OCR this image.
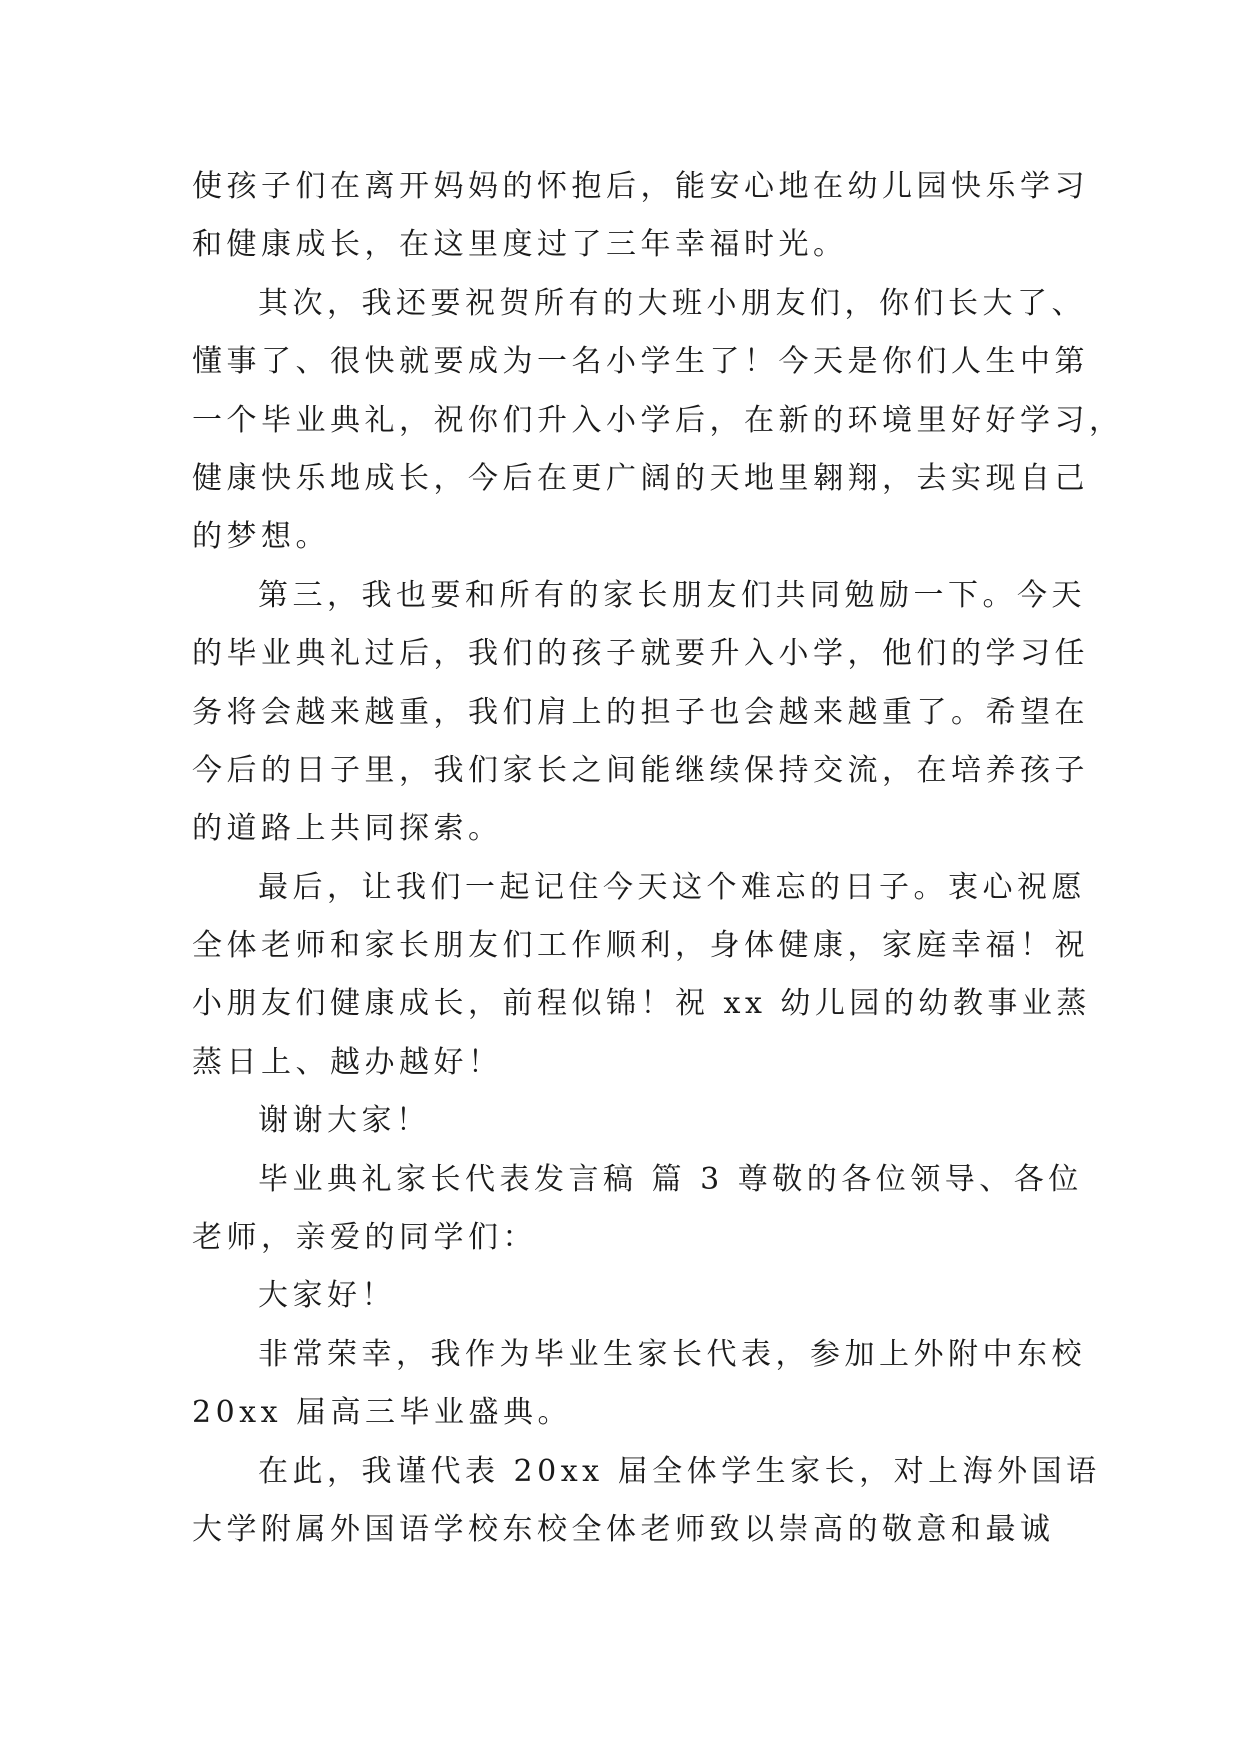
使孩子们在离开妈妈的怀抱后，能安心地在幼儿园快乐学习
和健康成长，在这里度过了三年幸福时光。
其次，我还要祝贺所有的大班小朋友们，你们长大了、
懂事了、很快就要成为一名小学生了！今天是你们人生中第
一个毕业典礼，祝你们升入小学后，在新的环境里好好学习，
健康快乐地成长，今后在更广阔的天地里翱翔，去实现自己
的梦想。
第三，我也要和所有的家长朋友们共同勉励一下。今天
的毕业典礼过后，我们的孩子就要升入小学，他们的学习任
务将会越来越重，我们肩上的担子也会越来越重了。希望在
今后的日子里，我们家长之间能继续保持交流，在培养孩子
的道路上共同探索。
最后，让我们一起记住今天这个难忘的日子。衷心祝愿
全体老师和家长朋友们工作顺利，身体健康，家庭幸福！祝
小朋友们健康成长，前程似锦！祝 xx 幼儿园的幼教事业蒸
蒸日上、越办越好！
谢谢大家！
毕业典礼家长代表发言稿 篇 3 尊敬的各位领导、各位
老师，亲爱的同学们：
大家好！
非常荣幸，我作为毕业生家长代表，参加上外附中东校
20xx 届高三毕业盛典。
在此，我谨代表 20xx 届全体学生家长，对上海外国语
大学附属外国语学校东校全体老师致以崇高的敬意和最诚
